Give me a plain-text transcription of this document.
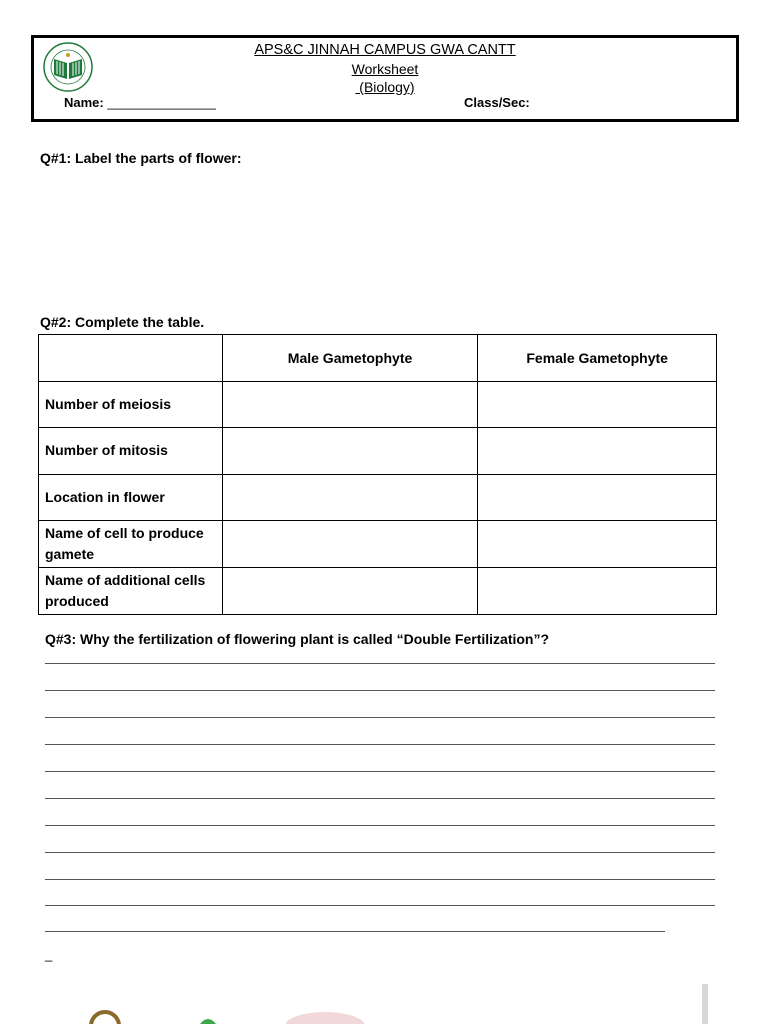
APS&C JINNAH CAMPUS GWA CANTT
Worksheet
(Biology)
Name: _______________	Class/Sec:
Q#1: Label the parts of flower:
Q#2: Complete the table.
	Male Gametophyte	Female Gametophyte
Number of meiosis		
Number of mitosis		
Location in flower		
Name of cell to produce gamete		
Name of additional cells produced		
Q#3: Why the fertilization of flowering plant is called “Double Fertilization”?
_
